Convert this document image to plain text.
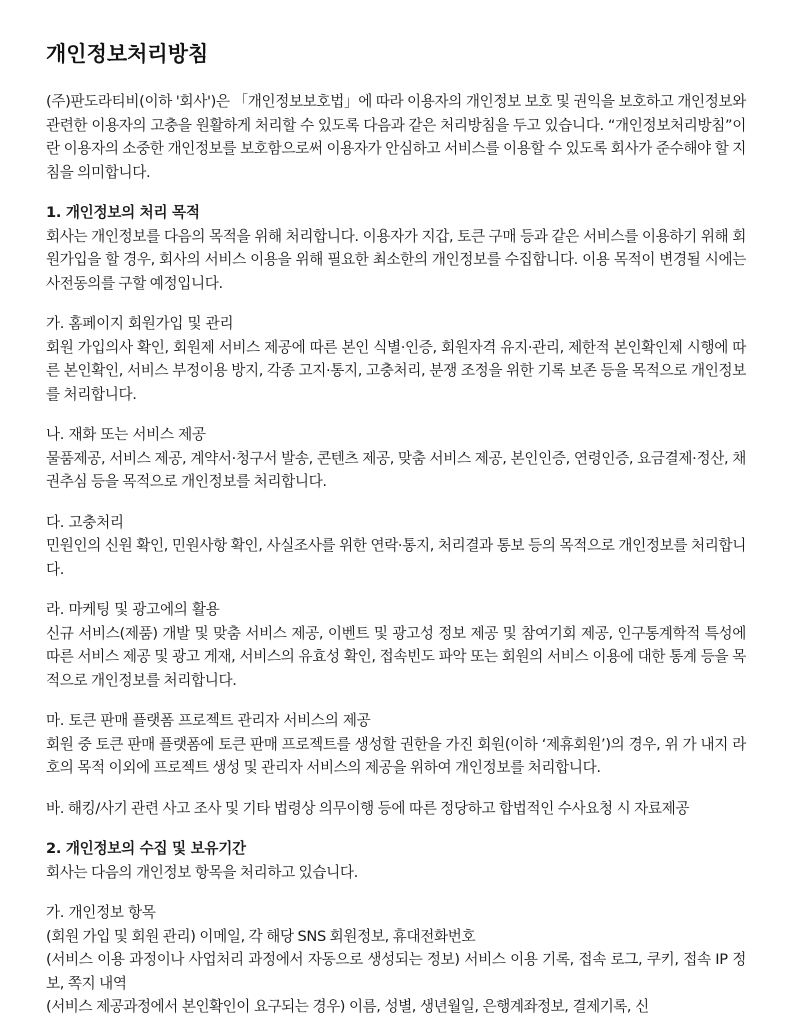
개인정보처리방침

(주)판도라티비(이하 '회사')은 「개인정보보호법」에 따라 이용자의 개인정보 보호 및 권익을 보호하고 개인정보와 관련한 이용자의 고충을 원활하게 처리할 수 있도록 다음과 같은 처리방침을 두고 있습니다. “개인정보처리방침”이란 이용자의 소중한 개인정보를 보호함으로써 이용자가 안심하고 서비스를 이용할 수 있도록 회사가 준수해야 할 지침을 의미합니다.

1. 개인정보의 처리 목적

회사는 개인정보를 다음의 목적을 위해 처리합니다. 이용자가 지갑, 토큰 구매 등과 같은 서비스를 이용하기 위해 회원가입을 할 경우, 회사의 서비스 이용을 위해 필요한 최소한의 개인정보를 수집합니다. 이용 목적이 변경될 시에는 사전동의를 구할 예정입니다.

가. 홈페이지 회원가입 및 관리

회원 가입의사 확인, 회원제 서비스 제공에 따른 본인 식별·인증, 회원자격 유지·관리, 제한적 본인확인제 시행에 따른 본인확인, 서비스 부정이용 방지, 각종 고지·통지, 고충처리, 분쟁 조정을 위한 기록 보존 등을 목적으로 개인정보를 처리합니다.

나. 재화 또는 서비스 제공

물품제공, 서비스 제공, 계약서·청구서 발송, 콘텐츠 제공, 맞춤 서비스 제공, 본인인증, 연령인증, 요금결제·정산, 채권추심 등을 목적으로 개인정보를 처리합니다.

다. 고충처리

민원인의 신원 확인, 민원사항 확인, 사실조사를 위한 연락·통지, 처리결과 통보 등의 목적으로 개인정보를 처리합니다.

라. 마케팅 및 광고에의 활용

신규 서비스(제품) 개발 및 맞춤 서비스 제공, 이벤트 및 광고성 정보 제공 및 참여기회 제공, 인구통계학적 특성에 따른 서비스 제공 및 광고 게재, 서비스의 유효성 확인, 접속빈도 파악 또는 회원의 서비스 이용에 대한 통계 등을 목적으로 개인정보를 처리합니다.

마. 토큰 판매 플랫폼 프로젝트 관리자 서비스의 제공

회원 중 토큰 판매 플랫폼에 토큰 판매 프로젝트를 생성할 권한을 가진 회원(이하 ‘제휴회원’)의 경우, 위 가 내지 라호의 목적 이외에 프로젝트 생성 및 관리자 서비스의 제공을 위하여 개인정보를 처리합니다.

바. 해킹/사기 관련 사고 조사 및 기타 법령상 의무이행 등에 따른 정당하고 합법적인 수사요청 시 자료제공

2. 개인정보의 수집 및 보유기간

회사는 다음의 개인정보 항목을 처리하고 있습니다.

가. 개인정보 항목

(회원 가입 및 회원 관리) 이메일, 각 해당 SNS 회원정보, 휴대전화번호

(서비스 이용 과정이나 사업처리 과정에서 자동으로 생성되는 정보) 서비스 이용 기록, 접속 로그, 쿠키, 접속 IP 정보, 쪽지 내역

(서비스 제공과정에서 본인확인이 요구되는 경우) 이름, 성별, 생년월일, 은행계좌정보, 결제기록, 신
